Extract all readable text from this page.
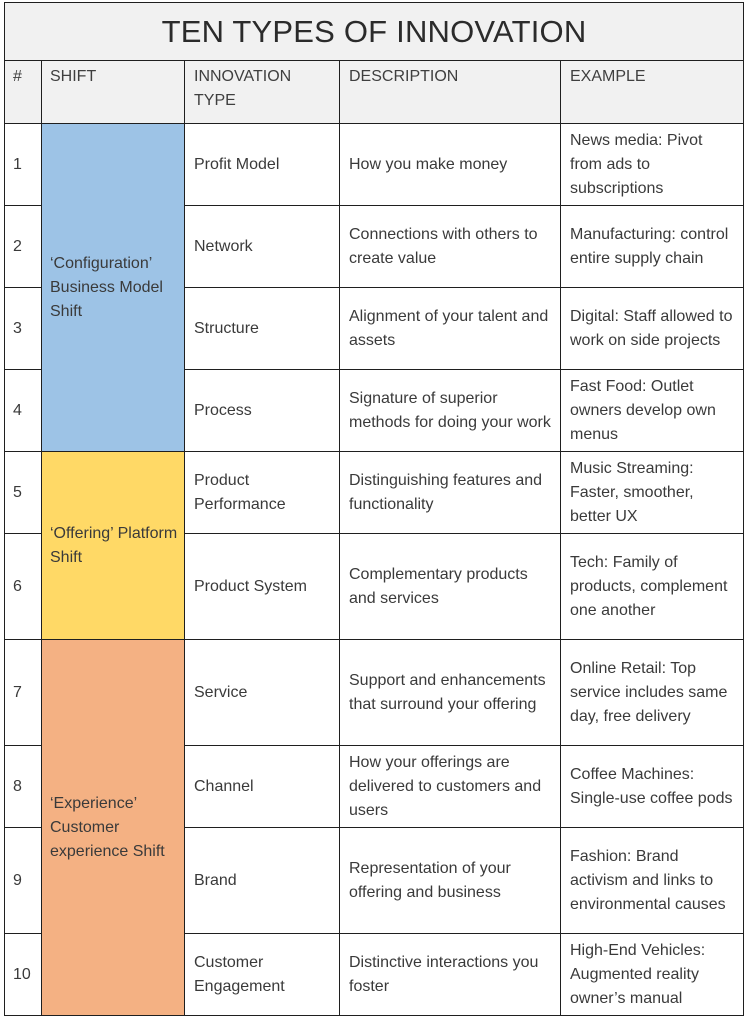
TEN TYPES OF INNOVATION				
#	SHIFT	INNOVATION TYPE	DESCRIPTION	EXAMPLE
1	‘Configuration’ Business Model Shift	Profit Model	How you make money	News media: Pivot from ads to subscriptions
2		Network	Connections with others to create value	Manufacturing: control entire supply chain
3		Structure	Alignment of your talent and assets	Digital: Staff allowed to work on side projects
4		Process	Signature of superior methods for doing your work	Fast Food: Outlet owners develop own menus
5	‘Offering’ Platform Shift	Product Performance	Distinguishing features and functionality	Music Streaming: Faster, smoother, better UX
6		Product System	Complementary products and services	Tech: Family of products, complement one another
7	‘Experience’ Customer experience Shift	Service	Support and enhancements that surround your offering	Online Retail: Top service includes same day, free delivery
8		Channel	How your offerings are delivered to customers and users	Coffee Machines: Single-use coffee pods
9		Brand	Representation of your offering and business	Fashion: Brand activism and links to environmental causes
10		Customer Engagement	Distinctive interactions you foster	High-End Vehicles: Augmented reality owner’s manual
